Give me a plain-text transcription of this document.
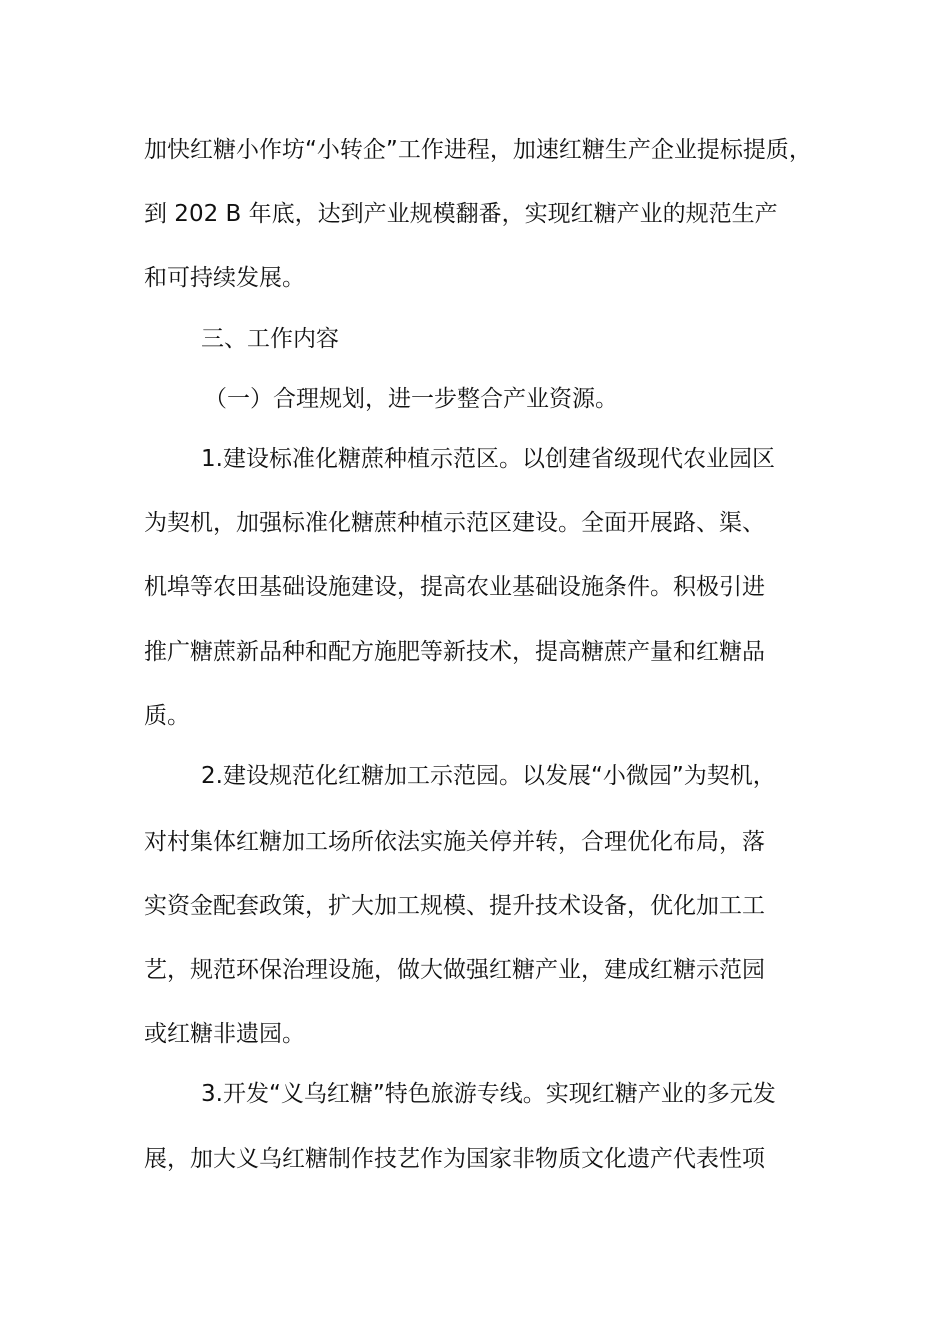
加快红糖小作坊“小转企”工作进程，加速红糖生产企业提标提质，
到 202 B 年底，达到产业规模翻番，实现红糖产业的规范生产
和可持续发展。
三、工作内容
（一）合理规划，进一步整合产业资源。
1.建设标准化糖蔗种植示范区。以创建省级现代农业园区
为契机，加强标准化糖蔗种植示范区建设。全面开展路、渠、
机埠等农田基础设施建设，提高农业基础设施条件。积极引进
推广糖蔗新品种和配方施肥等新技术，提高糖蔗产量和红糖品
质。
2.建设规范化红糖加工示范园。以发展“小微园”为契机，
对村集体红糖加工场所依法实施关停并转，合理优化布局，落
实资金配套政策，扩大加工规模、提升技术设备，优化加工工
艺，规范环保治理设施，做大做强红糖产业，建成红糖示范园
或红糖非遗园。
3.开发“义乌红糖”特色旅游专线。实现红糖产业的多元发
展，加大义乌红糖制作技艺作为国家非物质文化遗产代表性项
